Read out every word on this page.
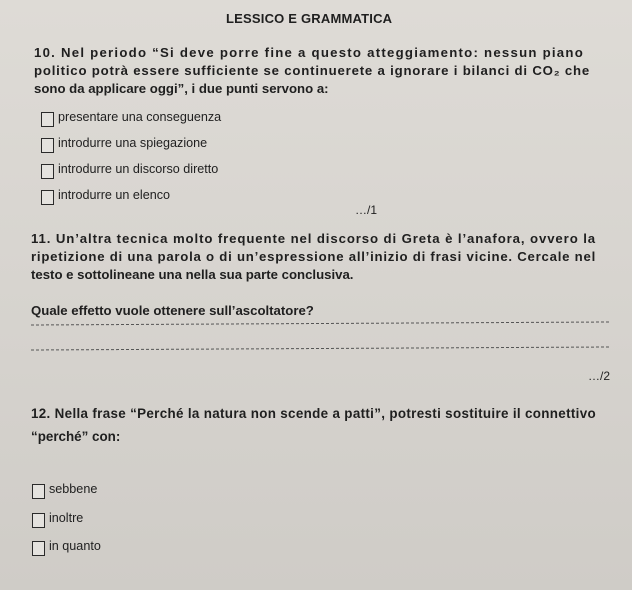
LESSICO E GRAMMATICA
10. Nel periodo “Si deve porre fine a questo atteggiamento: nessun piano
politico potrà essere sufficiente se continuerete a ignorare i bilanci di CO₂ che
sono da applicare oggi”, i due punti servono a:
presentare una conseguenza
introdurre una spiegazione
introdurre un discorso diretto
introdurre un elenco
…/1
11. Un’altra tecnica molto frequente nel discorso di Greta è l’anafora, ovvero la
ripetizione di una parola o di un’espressione all’inizio di frasi vicine. Cercale nel
testo e sottolineane una nella sua parte conclusiva.
Quale effetto vuole ottenere sull’ascoltatore?
…/2
12. Nella frase “Perché la natura non scende a patti”, potresti sostituire il connettivo
“perché” con:
sebbene
inoltre
in quanto
